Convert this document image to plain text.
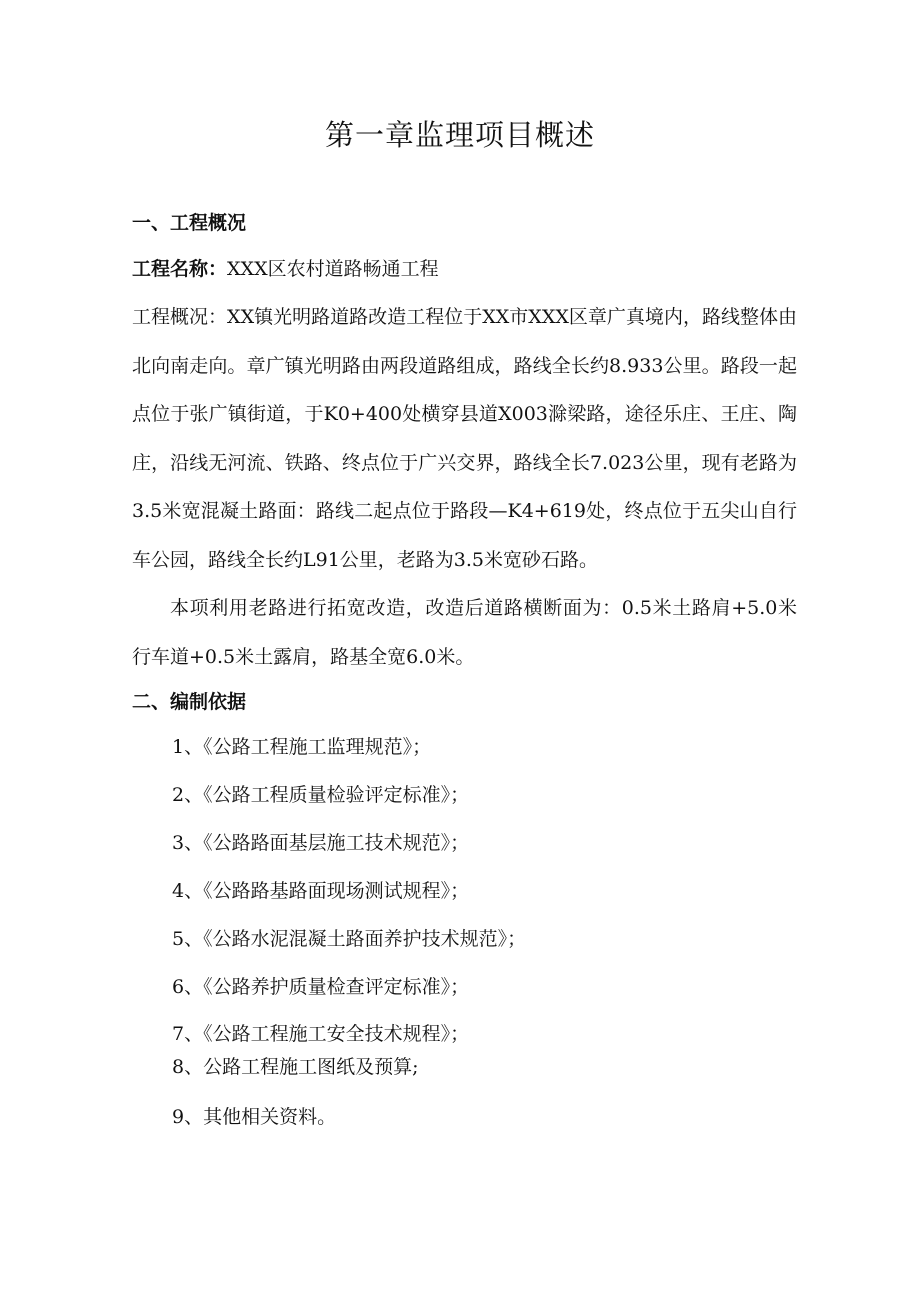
第一章监理项目概述
一、工程概况
工程名称：XXX区农村道路畅通工程
工程概况：XX镇光明路道路改造工程位于XX市XXX区章广真境内，路线整体由北向南走向。章广镇光明路由两段道路组成，路线全长约8.933公里。路段一起点位于张广镇街道，于K0+400处横穿县道X003滁梁路，途径乐庄、王庄、陶庄，沿线无河流、铁路、终点位于广兴交界，路线全长7.023公里，现有老路为3.5米宽混凝土路面：路线二起点位于路段—K4+619处，终点位于五尖山自行车公园，路线全长约L91公里，老路为3.5米宽砂石路。
本项利用老路进行拓宽改造，改造后道路横断面为：0.5米土路肩+5.0米行车道+0.5米土露肩，路基全宽6.0米。
二、编制依据
1、《公路工程施工监理规范》；
2、《公路工程质量检验评定标准》；
3、《公路路面基层施工技术规范》；
4、《公路路基路面现场测试规程》；
5、《公路水泥混凝土路面养护技术规范》；
6、《公路养护质量检查评定标准》；
7、《公路工程施工安全技术规程》；
8、公路工程施工图纸及预算;
9、其他相关资料。
